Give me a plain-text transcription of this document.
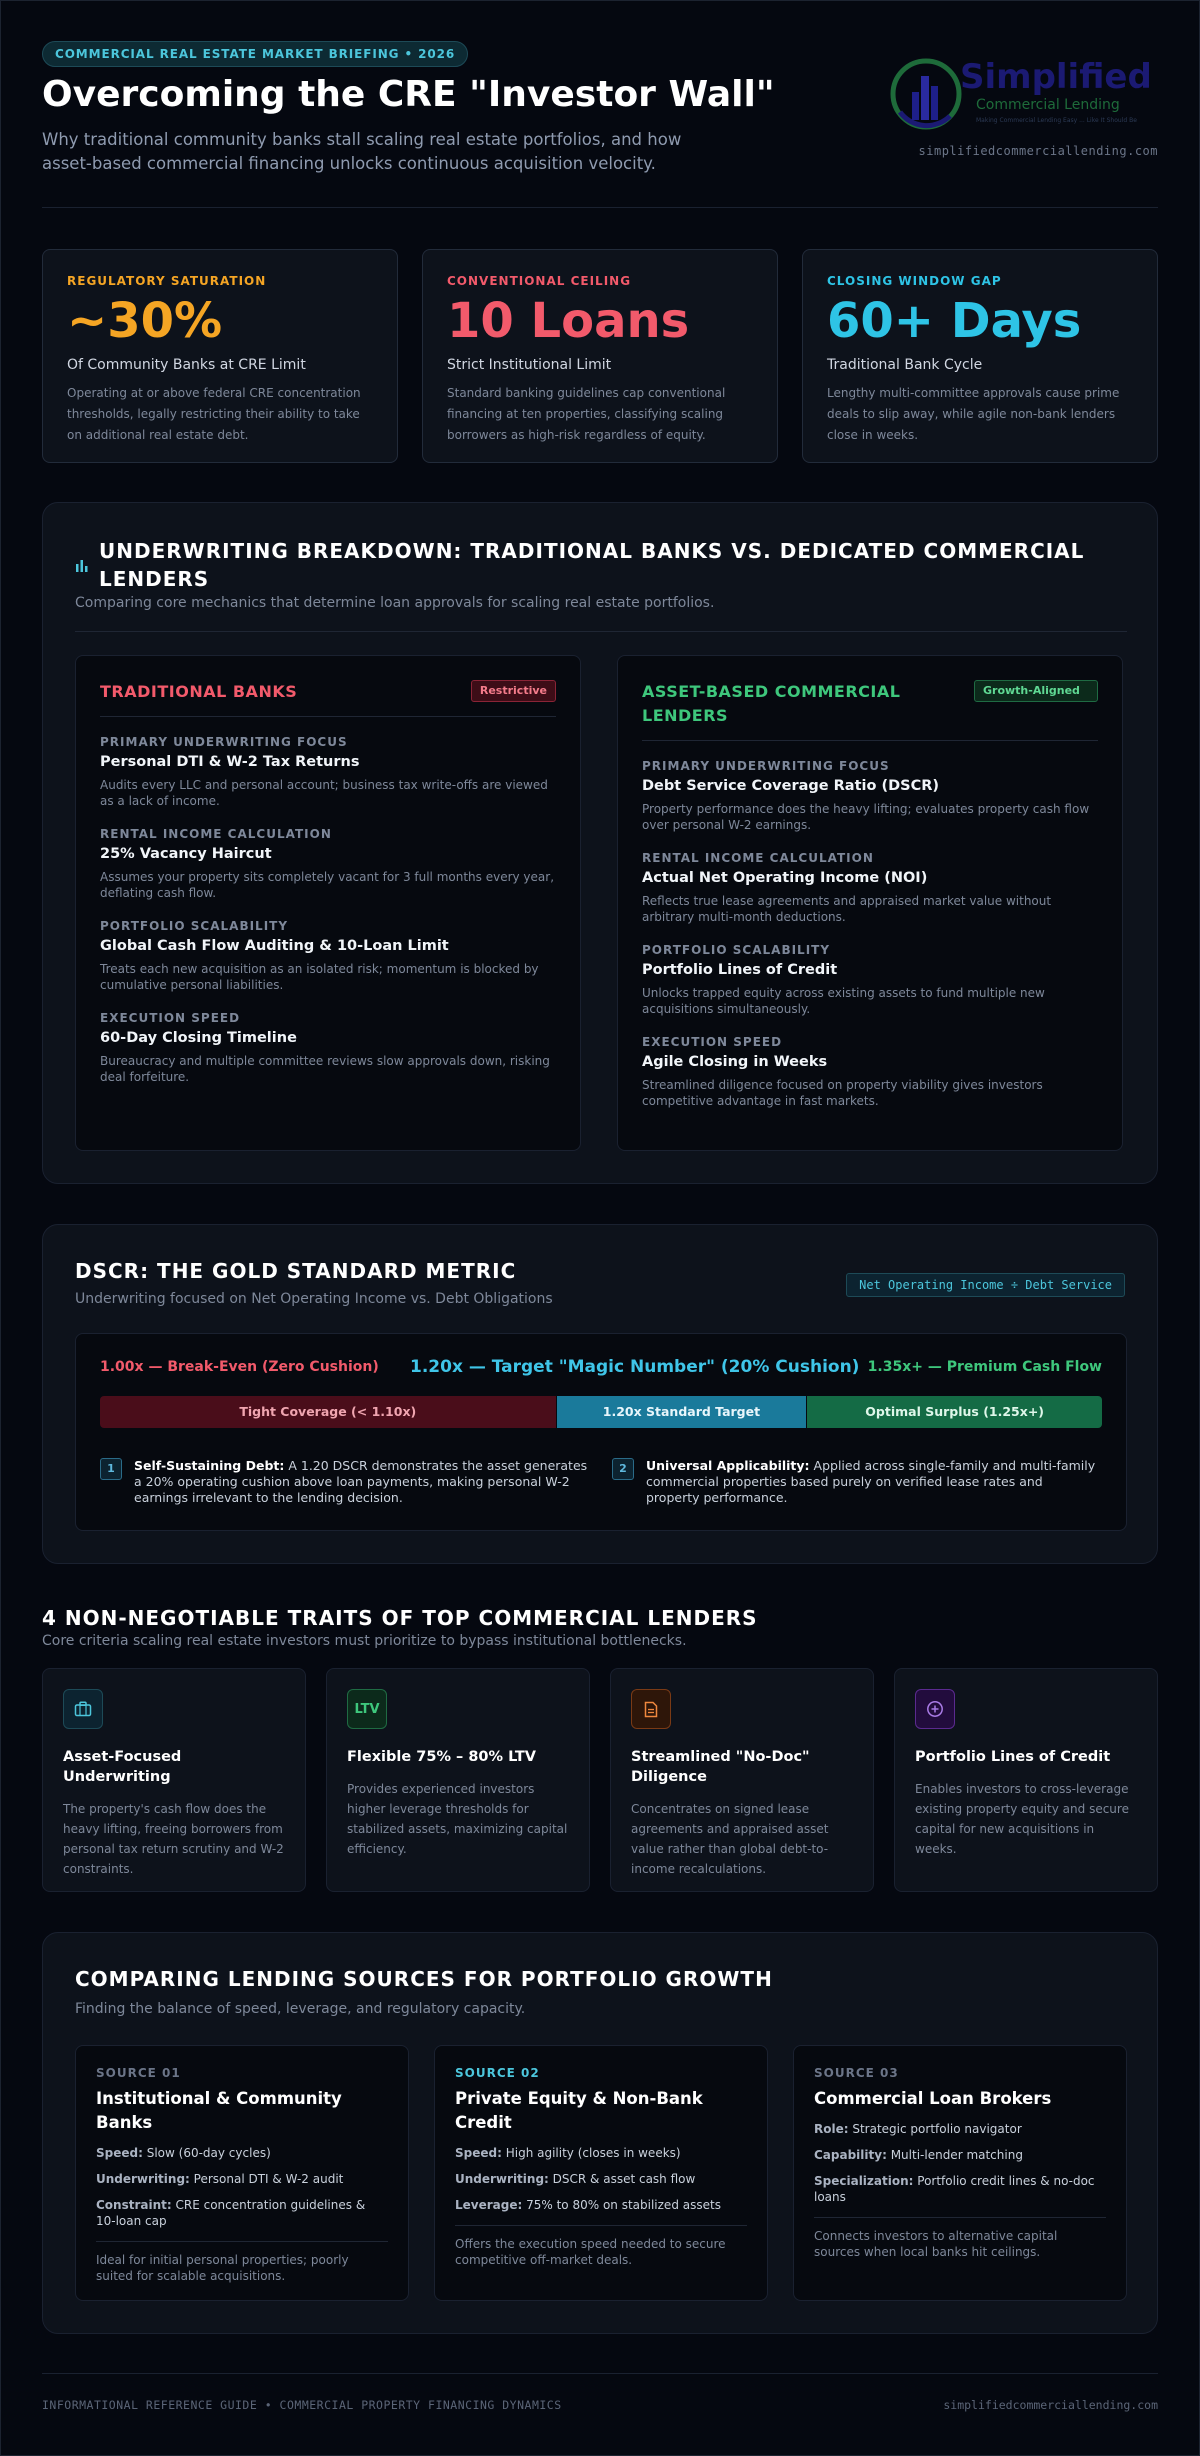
COMMERCIAL REAL ESTATE MARKET BRIEFING • 2026
Overcoming the CRE "Investor Wall"
Why traditional community banks stall scaling real estate portfolios, and how asset-based commercial financing unlocks continuous acquisition velocity.
Simplified
Commercial Lending
Making Commercial Lending Easy ... Like It Should Be
simplifiedcommerciallending.com
REGULATORY SATURATION
~30%
Of Community Banks at CRE Limit
Operating at or above federal CRE concentration thresholds, legally restricting their ability to take on additional real estate debt.
CONVENTIONAL CEILING
10 Loans
Strict Institutional Limit
Standard banking guidelines cap conventional financing at ten properties, classifying scaling borrowers as high-risk regardless of equity.
CLOSING WINDOW GAP
60+ Days
Traditional Bank Cycle
Lengthy multi-committee approvals cause prime deals to slip away, while agile non-bank lenders close in weeks.
UNDERWRITING BREAKDOWN: TRADITIONAL BANKS VS. DEDICATED COMMERCIAL LENDERS
Comparing core mechanics that determine loan approvals for scaling real estate portfolios.
TRADITIONAL BANKS	Restrictive
PRIMARY UNDERWRITING FOCUS
Personal DTI & W-2 Tax Returns
Audits every LLC and personal account; business tax write-offs are viewed as a lack of income.
RENTAL INCOME CALCULATION
25% Vacancy Haircut
Assumes your property sits completely vacant for 3 full months every year, deflating cash flow.
PORTFOLIO SCALABILITY
Global Cash Flow Auditing & 10-Loan Limit
Treats each new acquisition as an isolated risk; momentum is blocked by cumulative personal liabilities.
EXECUTION SPEED
60-Day Closing Timeline
Bureaucracy and multiple committee reviews slow approvals down, risking deal forfeiture.
ASSET-BASED COMMERCIAL LENDERS
Growth-Aligned
PRIMARY UNDERWRITING FOCUS
Debt Service Coverage Ratio (DSCR)
Property performance does the heavy lifting; evaluates property cash flow over personal W-2 earnings.
RENTAL INCOME CALCULATION
Actual Net Operating Income (NOI)
Reflects true lease agreements and appraised market value without arbitrary multi-month deductions.
PORTFOLIO SCALABILITY
Portfolio Lines of Credit
Unlocks trapped equity across existing assets to fund multiple new acquisitions simultaneously.
EXECUTION SPEED
Agile Closing in Weeks
Streamlined diligence focused on property viability gives investors competitive advantage in fast markets.
DSCR: THE GOLD STANDARD METRIC
Underwriting focused on Net Operating Income vs. Debt Obligations
Net Operating Income ÷ Debt Service
1.00x — Break-Even (Zero Cushion) 1.20x — Target "Magic Number" (20% Cushion) 1.35x+ — Premium Cash Flow
Tight Coverage (< 1.10x)	1.20x Standard Target	Optimal Surplus (1.25x+)
1	Self-Sustaining Debt: A 1.20 DSCR demonstrates the asset generates a 20% operating cushion above loan payments, making personal W-2 earnings irrelevant to the lending decision.
2	Universal Applicability: Applied across single-family and multi-family commercial properties based purely on verified lease rates and property performance.
4 NON-NEGOTIABLE TRAITS OF TOP COMMERCIAL LENDERS
Core criteria scaling real estate investors must prioritize to bypass institutional bottlenecks.
Asset-Focused Underwriting
The property's cash flow does the heavy lifting, freeing borrowers from personal tax return scrutiny and W-2 constraints.
LTV
Flexible 75% – 80% LTV
Provides experienced investors higher leverage thresholds for stabilized assets, maximizing capital efficiency.
Streamlined "No-Doc" Diligence
Concentrates on signed lease agreements and appraised asset value rather than global debt-to-income recalculations.
Portfolio Lines of Credit
Enables investors to cross-leverage existing property equity and secure capital for new acquisitions in weeks.
COMPARING LENDING SOURCES FOR PORTFOLIO GROWTH
Finding the balance of speed, leverage, and regulatory capacity.
SOURCE 01
Institutional & Community Banks
Speed: Slow (60-day cycles)
Underwriting: Personal DTI & W-2 audit
Constraint: CRE concentration guidelines & 10-loan cap
Ideal for initial personal properties; poorly suited for scalable acquisitions.
SOURCE 02
Private Equity & Non-Bank Credit
Speed: High agility (closes in weeks)
Underwriting: DSCR & asset cash flow
Leverage: 75% to 80% on stabilized assets
Offers the execution speed needed to secure competitive off-market deals.
SOURCE 03
Commercial Loan Brokers
Role: Strategic portfolio navigator
Capability: Multi-lender matching
Specialization: Portfolio credit lines & no-doc loans
Connects investors to alternative capital sources when local banks hit ceilings.
INFORMATIONAL REFERENCE GUIDE • COMMERCIAL PROPERTY FINANCING DYNAMICS	simplifiedcommerciallending.com
